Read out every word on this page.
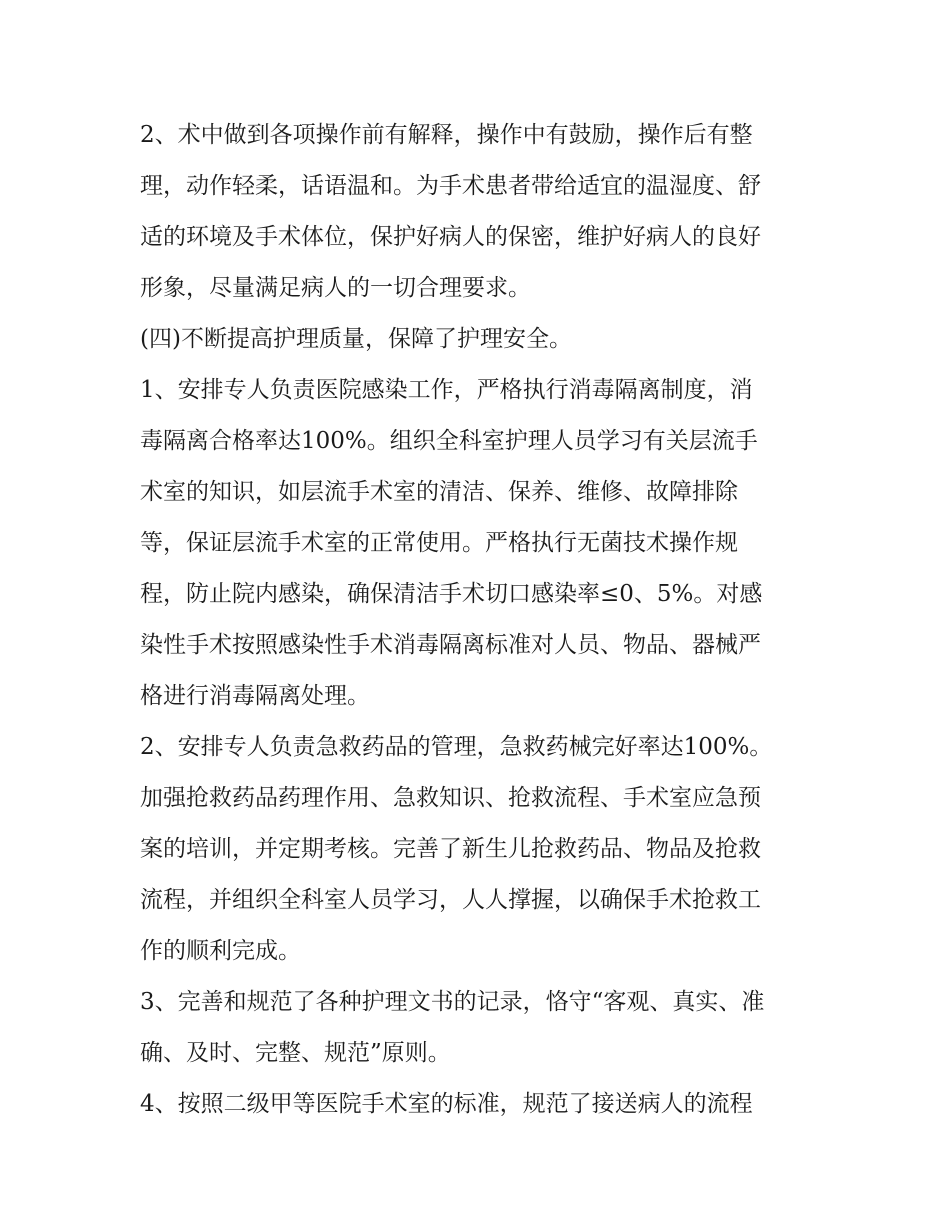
2、术中做到各项操作前有解释，操作中有鼓励，操作后有整
理，动作轻柔，话语温和。为手术患者带给适宜的温湿度、舒
适的环境及手术体位，保护好病人的保密，维护好病人的良好
形象，尽量满足病人的一切合理要求。
(四)不断提高护理质量，保障了护理安全。
1、安排专人负责医院感染工作，严格执行消毒隔离制度，消
毒隔离合格率达100%。组织全科室护理人员学习有关层流手
术室的知识，如层流手术室的清洁、保养、维修、故障排除
等，保证层流手术室的正常使用。严格执行无菌技术操作规
程，防止院内感染，确保清洁手术切口感染率≤0、5%。对感
染性手术按照感染性手术消毒隔离标准对人员、物品、器械严
格进行消毒隔离处理。
2、安排专人负责急救药品的管理，急救药械完好率达100%。
加强抢救药品药理作用、急救知识、抢救流程、手术室应急预
案的培训，并定期考核。完善了新生儿抢救药品、物品及抢救
流程，并组织全科室人员学习，人人撑握，以确保手术抢救工
作的顺利完成。
3、完善和规范了各种护理文书的记录，恪守“客观、真实、准
确、及时、完整、规范”原则。
4、按照二级甲等医院手术室的标准，规范了接送病人的流程
